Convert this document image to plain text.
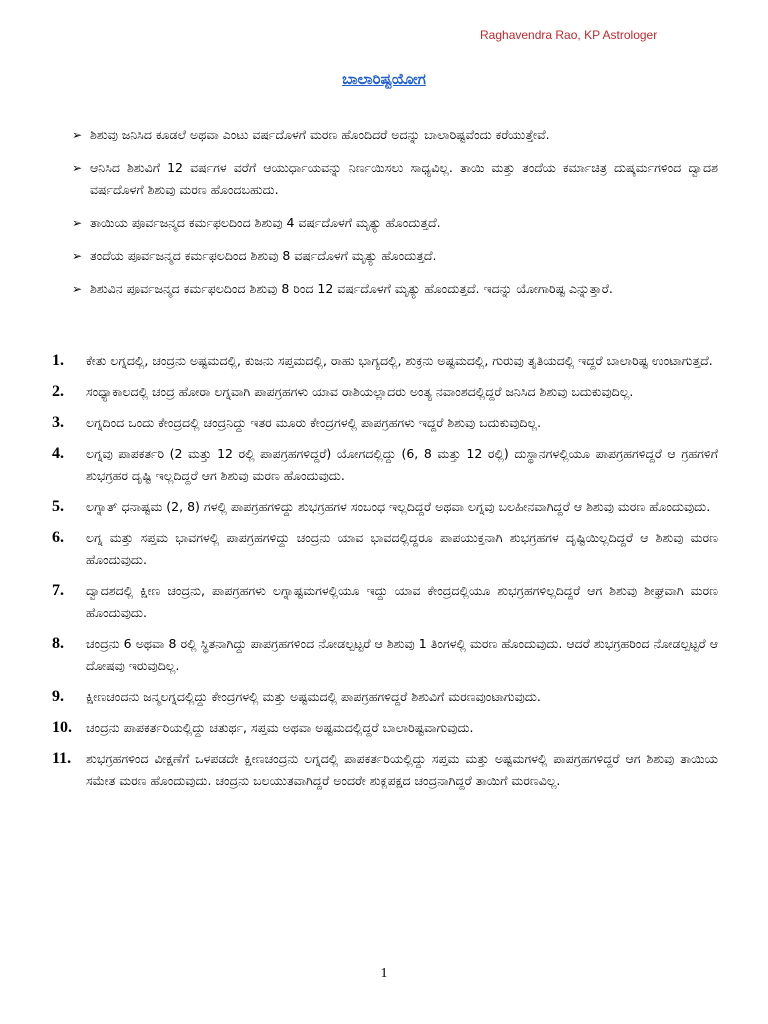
Raghavendra Rao, KP Astrologer
ಬಾಲಾರಿಷ್ಟಯೋಗ
➢ ಶಿಶುವು ಜನಿಸಿದ ಕೂಡಲೆ ಅಥವಾ ಎಂಟು ವರ್ಷದೊಳಗೆ ಮರಣ ಹೊಂದಿದರೆ ಅದನ್ನು ಬಾಲಾರಿಷ್ಟವೆಂದು ಕರೆಯುತ್ತೇವೆ.
➢ ಆನಿಸಿದ ಶಿಶುವಿಗೆ 12 ವರ್ಷಗಳ ವರೆಗೆ ಆಯುರ್ಧಾಯವನ್ನು ನಿರ್ಣಯಿಸಲು ಸಾಧ್ಯವಿಲ್ಲ. ತಾಯಿ ಮತ್ತು ತಂದೆಯ ಕರ್ಮಾಚಿತ್ರ ದುಷ್ಕರ್ಮಗಳಿಂದ ದ್ವಾದಶ ವರ್ಷದೊಳಗೆ ಶಿಶುವು ಮರಣ ಹೊಂದಬಹುದು.
➢ ತಾಯಿಯ ಪೂರ್ವಜನ್ಮದ ಕರ್ಮಫಲದಿಂದ ಶಿಶುವು 4 ವರ್ಷದೊಳಗೆ ಮೃತ್ಯು ಹೊಂದುತ್ತದೆ.
➢ ತಂದೆಯ ಪೂರ್ವಜನ್ಮದ ಕರ್ಮಫಲದಿಂದ ಶಿಶುವು 8 ವರ್ಷದೊಳಗೆ ಮೃತ್ಯು ಹೊಂದುತ್ತದೆ.
➢ ಶಿಶುವಿನ ಪೂರ್ವಜನ್ಮದ ಕರ್ಮಫಲದಿಂದ ಶಿಶುವು 8 ರಿಂದ 12 ವರ್ಷದೊಳಗೆ ಮೃತ್ಯು ಹೊಂದುತ್ತದೆ. ಇದನ್ನು ಯೋಗಾರಿಷ್ಟ ಎನ್ನುತ್ತಾರೆ.
1.	ಕೇತು ಲಗ್ನದಲ್ಲಿ, ಚಂದ್ರನು ಅಷ್ಟಮದಲ್ಲಿ, ಕುಜನು ಸಪ್ತಮದಲ್ಲಿ, ರಾಹು ಭಾಗ್ಯದಲ್ಲಿ, ಶುಕ್ರನು ಅಷ್ಟಮದಲ್ಲಿ, ಗುರುವು ತೃತಿಯದಲ್ಲಿ ಇದ್ದರೆ ಬಾಲಾರಿಷ್ಟ ಉಂಟಾಗುತ್ತದೆ.
2.	ಸಂಧ್ಯಾಕಾಲದಲ್ಲಿ ಚಂದ್ರ ಹೋರಾ ಲಗ್ನವಾಗಿ ಪಾಪಗ್ರಹಗಳು ಯಾವ ರಾಶಿಯಲ್ಲಾದರು ಅಂತ್ಯ ನವಾಂಶದಲ್ಲಿದ್ದರೆ ಜನಿಸಿದ ಶಿಶುವು ಬದುಕುವುದಿಲ್ಲ.
3.	ಲಗ್ನದಿಂದ ಒಂದು ಕೇಂದ್ರದಲ್ಲಿ ಚಂದ್ರನಿದ್ದು ಇತರ ಮೂರು ಕೇಂದ್ರಗಳಲ್ಲಿ ಪಾಪಗ್ರಹಗಳು ಇದ್ದರೆ ಶಿಶುವು ಬದುಕುವುದಿಲ್ಲ.
4.	ಲಗ್ನವು ಪಾಪಕರ್ತರಿ (2 ಮತ್ತು 12 ರಲ್ಲಿ ಪಾಪಗ್ರಹಗಳಿದ್ದರೆ) ಯೋಗದಲ್ಲಿದ್ದು (6, 8 ಮತ್ತು 12 ರಲ್ಲಿ) ದುಸ್ಥಾನಗಳಲ್ಲಿಯೂ ಪಾಪಗ್ರಹಗಳಿದ್ದರೆ ಆ ಗ್ರಹಗಳಿಗೆ ಶುಭಗ್ರಹರ ದೃಷ್ಟಿ ಇಲ್ಲದಿದ್ದರೆ ಆಗ ಶಿಶುವು ಮರಣ ಹೊಂದುವುದು.
5.	ಲಗ್ನಾತ್ ಧನಾಷ್ಟಮ (2, 8) ಗಳಲ್ಲಿ ಪಾಪಗ್ರಹಗಳಿದ್ದು ಶುಭಗ್ರಹಗಳ ಸಂಬಂಧ ಇಲ್ಲದಿದ್ದರೆ ಅಥವಾ ಲಗ್ನವು ಬಲಹೀನವಾಗಿದ್ದರೆ ಆ ಶಿಶುವು ಮರಣ ಹೊಂದುವುದು.
6.	ಲಗ್ನ ಮತ್ತು ಸಪ್ತಮ ಭಾವಗಳಲ್ಲಿ ಪಾಪಗ್ರಹಗಳಿದ್ದು ಚಂದ್ರನು ಯಾವ ಭಾವದಲ್ಲಿದ್ದರೂ ಪಾಪಯುಕ್ತನಾಗಿ ಶುಭಗ್ರಹಗಳ ದೃಷ್ಟಿಯಿಲ್ಲದಿದ್ದರೆ ಆ ಶಿಶುವು ಮರಣ ಹೊಂದುವುದು.
7.	ದ್ವಾದಶದಲ್ಲಿ ಕ್ಷೀಣ ಚಂದ್ರನು, ಪಾಪಗ್ರಹಗಳು ಲಗ್ನಾಷ್ಟಮಗಳಲ್ಲಿಯೂ ಇದ್ದು ಯಾವ ಕೇಂದ್ರದಲ್ಲಿಯೂ ಶುಭಗ್ರಹಗಳಿಲ್ಲದಿದ್ದರೆ ಆಗ ಶಿಶುವು ಶೀಘ್ರವಾಗಿ ಮರಣ ಹೊಂದುವುದು.
8.	ಚಂದ್ರನು 6 ಅಥವಾ 8 ರಲ್ಲಿ ಸ್ಥಿತನಾಗಿದ್ದು ಪಾಪಗ್ರಹಗಳಿಂದ ನೋಡಲ್ಪಟ್ಟರೆ ಆ ಶಿಶುವು 1 ತಿಂಗಳಲ್ಲಿ ಮರಣ ಹೊಂದುವುದು. ಆದರೆ ಶುಭಗ್ರಹರಿಂದ ನೋಡಲ್ಪಟ್ಟರೆ ಆ ದೋಷವು ಇರುವುದಿಲ್ಲ.
9.	ಕ್ಷೀಣಚಂದನು ಜನ್ಮಲಗ್ನದಲ್ಲಿದ್ದು ಕೇಂದ್ರಗಳಲ್ಲಿ ಮತ್ತು ಅಷ್ಟಮದಲ್ಲಿ ಪಾಪಗ್ರಹಗಳಿದ್ದರೆ ಶಿಶುವಿಗೆ ಮರಣವುಂಟಾಗುವುದು.
10.	ಚಂದ್ರನು ಪಾಪಕರ್ತರಿಯಲ್ಲಿದ್ದು ಚತುರ್ಥ, ಸಪ್ತಮ ಅಥವಾ ಅಷ್ಟಮದಲ್ಲಿದ್ದರೆ ಬಾಲಾರಿಷ್ಟವಾಗುವುದು.
11.	ಶುಭಗ್ರಹಗಳಿಂದ ವೀಕ್ಷಣೆಗೆ ಒಳಪಡದೇ ಕ್ಷೀಣಚಂದ್ರನು ಲಗ್ನದಲ್ಲಿ ಪಾಪಕರ್ತರಿಯಲ್ಲಿದ್ದು ಸಪ್ತಮ ಮತ್ತು ಅಷ್ಟಮಗಳಲ್ಲಿ ಪಾಪಗ್ರಹಗಳಿದ್ದರೆ ಆಗ ಶಿಶುವು ತಾಯಿಯ ಸಮೇತ ಮರಣ ಹೊಂದುವುದು. ಚಂದ್ರನು ಬಲಯುತವಾಗಿದ್ದರೆ ಅಂದರೇ ಶುಕ್ಲಪಕ್ಷದ ಚಂದ್ರನಾಗಿದ್ದರೆ ತಾಯಿಗೆ ಮರಣವಿಲ್ಲ.
1
